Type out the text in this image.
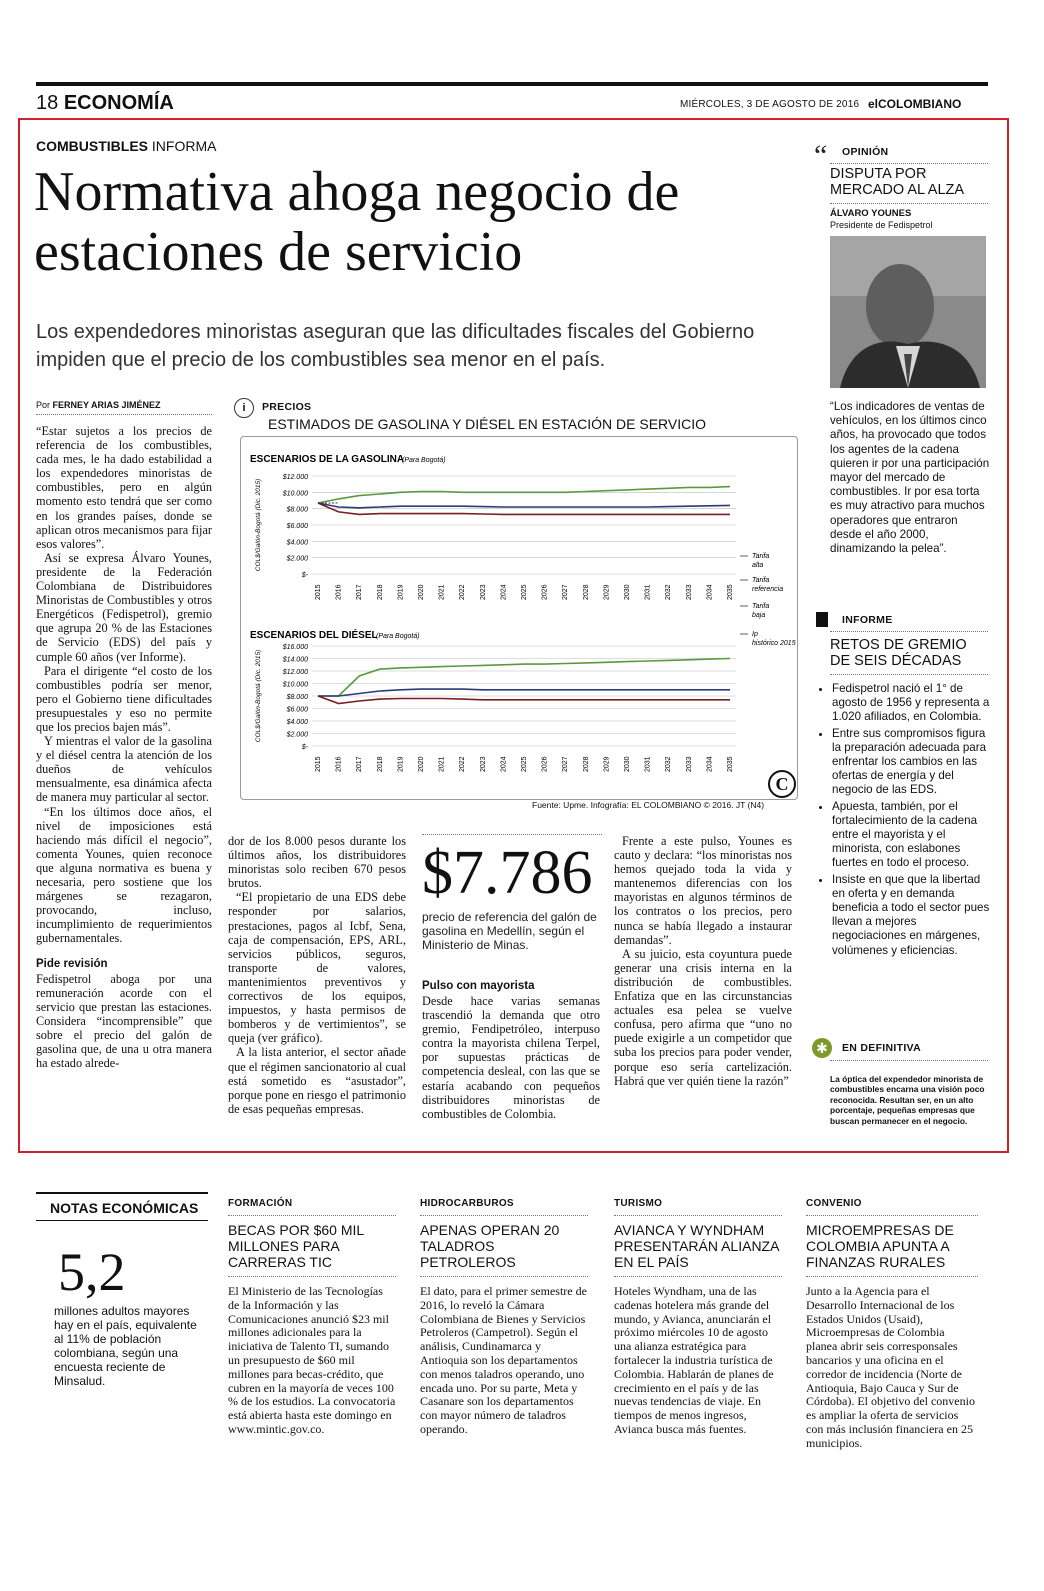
18 ECONOMÍA	MIÉRCOLES, 3 DE AGOSTO DE 2016 elCOLOMBIANO
COMBUSTIBLES INFORMA
Normativa ahoga negocio de estaciones de servicio
Los expendedores minoristas aseguran que las dificultades fiscales del Gobierno impiden que el precio de los combustibles sea menor en el país.
Por FERNEY ARIAS JIMÉNEZ

“Estar sujetos a los precios de referencia de los combustibles, cada mes, le ha dado estabilidad a los expendedores minoristas de combustibles, pero en algún momento esto tendrá que ser como en los grandes países, donde se aplican otros mecanismos para fijar esos valores”.

Así se expresa Álvaro Younes, presidente de la Federación Colombiana de Distribuidores Minoristas de Combustibles y otros Energéticos (Fedispetrol), gremio que agrupa 20 % de las Estaciones de Servicio (EDS) del país y cumple 60 años (ver Informe).

Para el dirigente “el costo de los combustibles podría ser menor, pero el Gobierno tiene dificultades presupuestales y eso no permite que los precios bajen más”.

Y mientras el valor de la gasolina y el diésel centra la atención de los dueños de vehículos mensualmente, esa dinámica afecta de manera muy particular al sector.

“En los últimos doce años, el nivel de imposiciones está haciendo más difícil el negocio”, comenta Younes, quien reconoce que alguna normativa es buena y necesaria, pero sostiene que los márgenes se rezagaron, provocando, incluso, incumplimiento de requerimientos gubernamentales.

Pide revisión

Fedispetrol aboga por una remuneración acorde con el servicio que prestan las estaciones. Considera “incomprensible” que sobre el precio del galón de gasolina que, de una u otra manera ha estado alrede-

i	PRECIOS
ESTIMADOS DE GASOLINA Y DIÉSEL EN ESTACIÓN DE SERVICIO
ESCENARIOS DE LA GASOLINA
(Para Bogotá)
$12.000
$10.000
$8.000
$6.000
$4.000
$2.000
$-
COL$/Galón-Bogotá (Dic. 2015)
2015 2016 2017 2018 2019 2020 2021 2022 2023 2024 2025 2026 2027 2028 2029 2030 2031 2032 2033 2034 2035
ESCENARIOS DEL DIÉSEL
(Para Bogotá)
$16.000
$14.000
$12.000
$10.000
$8.000
$6.000
$4.000
$2.000
$-
COL$/Galón-Bogotá (Dic. 2015)
2015 2016 2017 2018 2019 2020 2021 2022 2023 2024 2025 2026 2027 2028 2029 2030 2031 2032 2033 2034 2035
Tarifa
alta
Tarifa
referencia
Tarifa
baja
Ip
histórico 2015
C
Fuente: Upme. Infografía: EL COLOMBIANO © 2016. JT (N4)

dor de los 8.000 pesos durante los últimos años, los distribuidores minoristas solo reciben 670 pesos brutos.

“El propietario de una EDS debe responder por salarios, prestaciones, pagos al Icbf, Sena, caja de compensación, EPS, ARL, servicios públicos, seguros, transporte de valores, mantenimientos preventivos y correctivos de los equipos, impuestos, y hasta permisos de bomberos y de vertimientos”, se queja (ver gráfico).

A la lista anterior, el sector añade que el régimen sancionatorio al cual está sometido es “asustador”, porque pone en riesgo el patrimonio de esas pequeñas empresas.

$7.786
precio de referencia del galón de gasolina en Medellín, según el Ministerio de Minas.
Pulso con mayorista

Desde hace varias semanas trascendió la demanda que otro gremio, Fendipetróleo, interpuso contra la mayorista chilena Terpel, por supuestas prácticas de competencia desleal, con las que se estaría acabando con pequeños distribuidores minoristas de combustibles de Colombia.

Frente a este pulso, Younes es cauto y declara: “los minoristas nos hemos quejado toda la vida y mantenemos diferencias con los mayoristas en algunos términos de los contratos o los precios, pero nunca se había llegado a instaurar demandas”.

A su juicio, esta coyuntura puede generar una crisis interna en la distribución de combustibles. Enfatiza que en las circunstancias actuales esa pelea se vuelve confusa, pero afirma que “uno no puede exigirle a un competidor que suba los precios para poder vender, porque eso sería cartelización. Habrá que ver quién tiene la razón”

“ OPINIÓN
DISPUTA POR MERCADO AL ALZA
ÁLVARO YOUNES
Presidente de Fedispetrol
“Los indicadores de ventas de vehículos, en los últimos cinco años, ha provocado que todos los agentes de la cadena quieren ir por una participación mayor del mercado de combustibles. Ir por esa torta es muy atractivo para muchos operadores que entraron desde el año 2000, dinamizando la pelea”.
INFORME
RETOS DE GREMIO DE SEIS DÉCADAS
• Fedispetrol nació el 1° de agosto de 1956 y representa a 1.020 afiliados, en Colombia.
• Entre sus compromisos figura la preparación adecuada para enfrentar los cambios en las ofertas de energía y del negocio de las EDS.
• Apuesta, también, por el fortalecimiento de la cadena entre el mayorista y el minorista, con eslabones fuertes en todo el proceso.
• Insiste en que que la libertad en oferta y en demanda beneficia a todo el sector pues llevan a mejores negociaciones en márgenes, volúmenes y eficiencias.
✱	EN DEFINITIVA
La óptica del expendedor minorista de combustibles encarna una visión poco reconocida. Resultan ser, en un alto porcentaje, pequeñas empresas que buscan permanecer en el negocio.
NOTAS ECONÓMICAS
5,2
millones adultos mayores hay en el país, equivalente al 11% de población colombiana, según una encuesta reciente de Minsalud.
FORMACIÓN
BECAS POR $60 MIL MILLONES PARA CARRERAS TIC
El Ministerio de las Tecnologías de la Información y las Comunicaciones anunció $23 mil millones adicionales para la iniciativa de Talento TI, sumando un presupuesto de $60 mil millones para becas-crédito, que cubren en la mayoría de veces 100 % de los estudios. La convocatoria está abierta hasta este domingo en www.mintic.gov.co.
HIDROCARBUROS
APENAS OPERAN 20 TALADROS PETROLEROS
El dato, para el primer semestre de 2016, lo reveló la Cámara Colombiana de Bienes y Servicios Petroleros (Campetrol). Según el análisis, Cundinamarca y Antioquia son los departamentos con menos taladros operando, uno encada uno. Por su parte, Meta y Casanare son los departamentos con mayor número de taladros operando.
TURISMO
AVIANCA Y WYNDHAM PRESENTARÁN ALIANZA EN EL PAÍS
Hoteles Wyndham, una de las cadenas hotelera más grande del mundo, y Avianca, anunciarán el próximo miércoles 10 de agosto una alianza estratégica para fortalecer la industria turística de Colombia. Hablarán de planes de crecimiento en el país y de las nuevas tendencias de viaje. En tiempos de menos ingresos, Avianca busca más fuentes.
CONVENIO
MICROEMPRESAS DE COLOMBIA APUNTA A FINANZAS RURALES
Junto a la Agencia para el Desarrollo Internacional de los Estados Unidos (Usaid), Microempresas de Colombia planea abrir seis corresponsales bancarios y una oficina en el corredor de incidencia (Norte de Antioquia, Bajo Cauca y Sur de Córdoba). El objetivo del convenio es ampliar la oferta de servicios con más inclusión financiera en 25 municipios.
